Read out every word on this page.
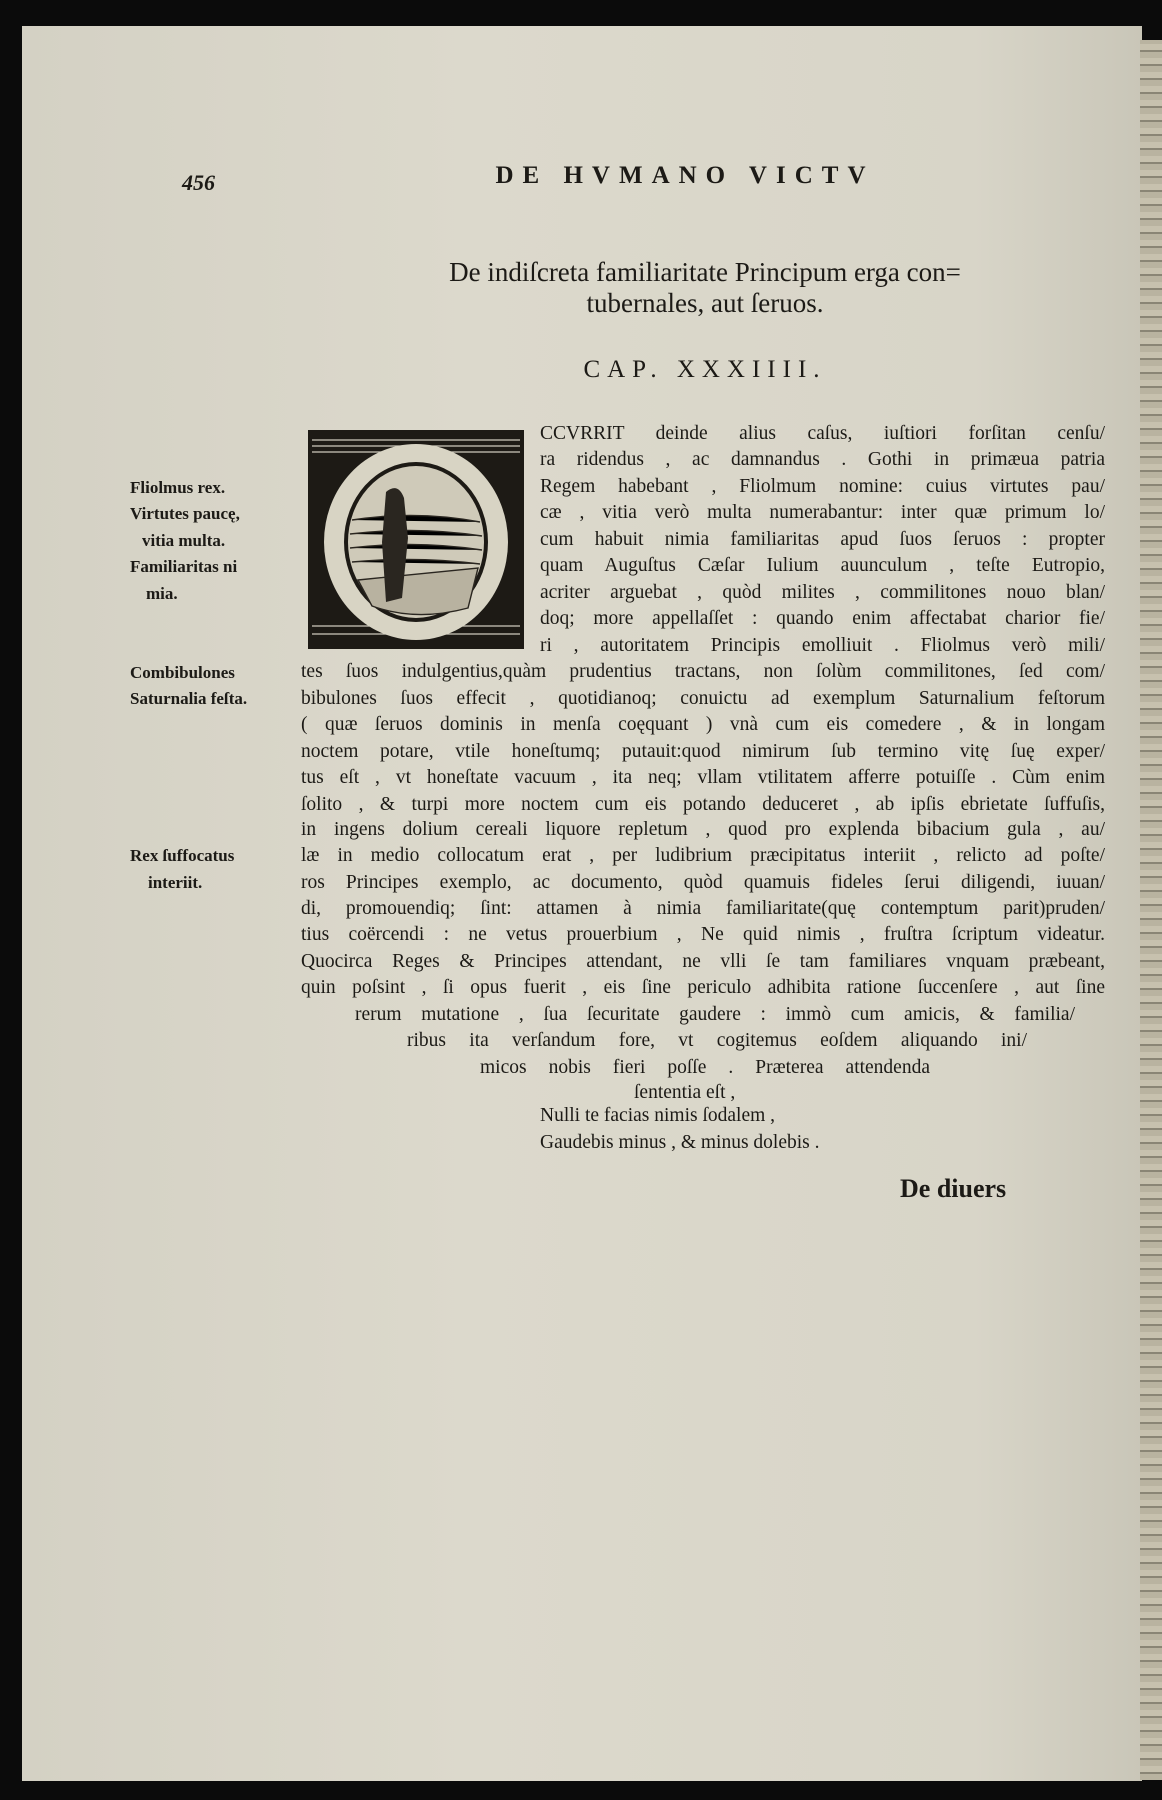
456	DE HVMANO VICTV
De indiſcreta familiaritate Principum erga con=
tubernales, aut ſeruos.
CAP. XXXIIII.
CCVRRIT deinde alius caſus, iuſtiori forſitan cenſu/
ra ridendus , ac damnandus . Gothi in primæua patria
Regem habebant , Fliolmum nomine: cuius virtutes pau/
cæ , vitia verò multa numerabantur: inter quæ primum lo/
cum habuit nimia familiaritas apud ſuos ſeruos : propter
quam Auguſtus Cæſar Iulium auunculum , teſte Eutropio,
acriter arguebat , quòd milites , commilitones nouo blan/
doq; more appellaſſet : quando enim affectabat charior fie/
ri , autoritatem Principis emolliuit . Fliolmus verò mili/
tes ſuos indulgentius,quàm prudentius tractans, non ſolùm commilitones, ſed com/
bibulones ſuos effecit , quotidianoq; conuictu ad exemplum Saturnalium feſtorum
( quæ ſeruos dominis in menſa coęquant ) vnà cum eis comedere , & in longam
noctem potare, vtile honeſtumq; putauit:quod nimirum ſub termino vitę ſuę exper/
tus eſt , vt honeſtate vacuum , ita neq; vllam vtilitatem afferre potuiſſe . Cùm enim
ſolito , & turpi more noctem cum eis potando deduceret , ab ipſis ebrietate ſuffuſis,
in ingens dolium cereali liquore repletum , quod pro explenda bibacium gula , au/
læ in medio collocatum erat , per ludibrium præcipitatus interiit , relicto ad poſte/
ros Principes exemplo, ac documento, quòd quamuis fideles ſerui diligendi, iuuan/
di, promouendiq; ſint: attamen à nimia familiaritate(quę contemptum parit)pruden/
tius coërcendi : ne vetus prouerbium , Ne quid nimis , fruſtra ſcriptum videatur.
Quocirca Reges & Principes attendant, ne vlli ſe tam familiares vnquam præbeant,
quin poſsint , ſi opus fuerit , eis ſine periculo adhibita ratione ſuccenſere , aut ſine
rerum mutatione , ſua ſecuritate gaudere : immò cum amicis, & familia/
ribus ita verſandum fore, vt cogitemus eoſdem aliquando ini/
micos nobis fieri poſſe . Præterea attendenda
ſententia eſt ,
Nulli te facias nimis ſodalem ,
Gaudebis minus , & minus dolebis .
Fliolmus rex.
Virtutes paucę,
vitia multa.
Familiaritas ni
mia.
Combibulones
Saturnalia feſta.
Rex ſuffocatus
interiit.
De diuers
